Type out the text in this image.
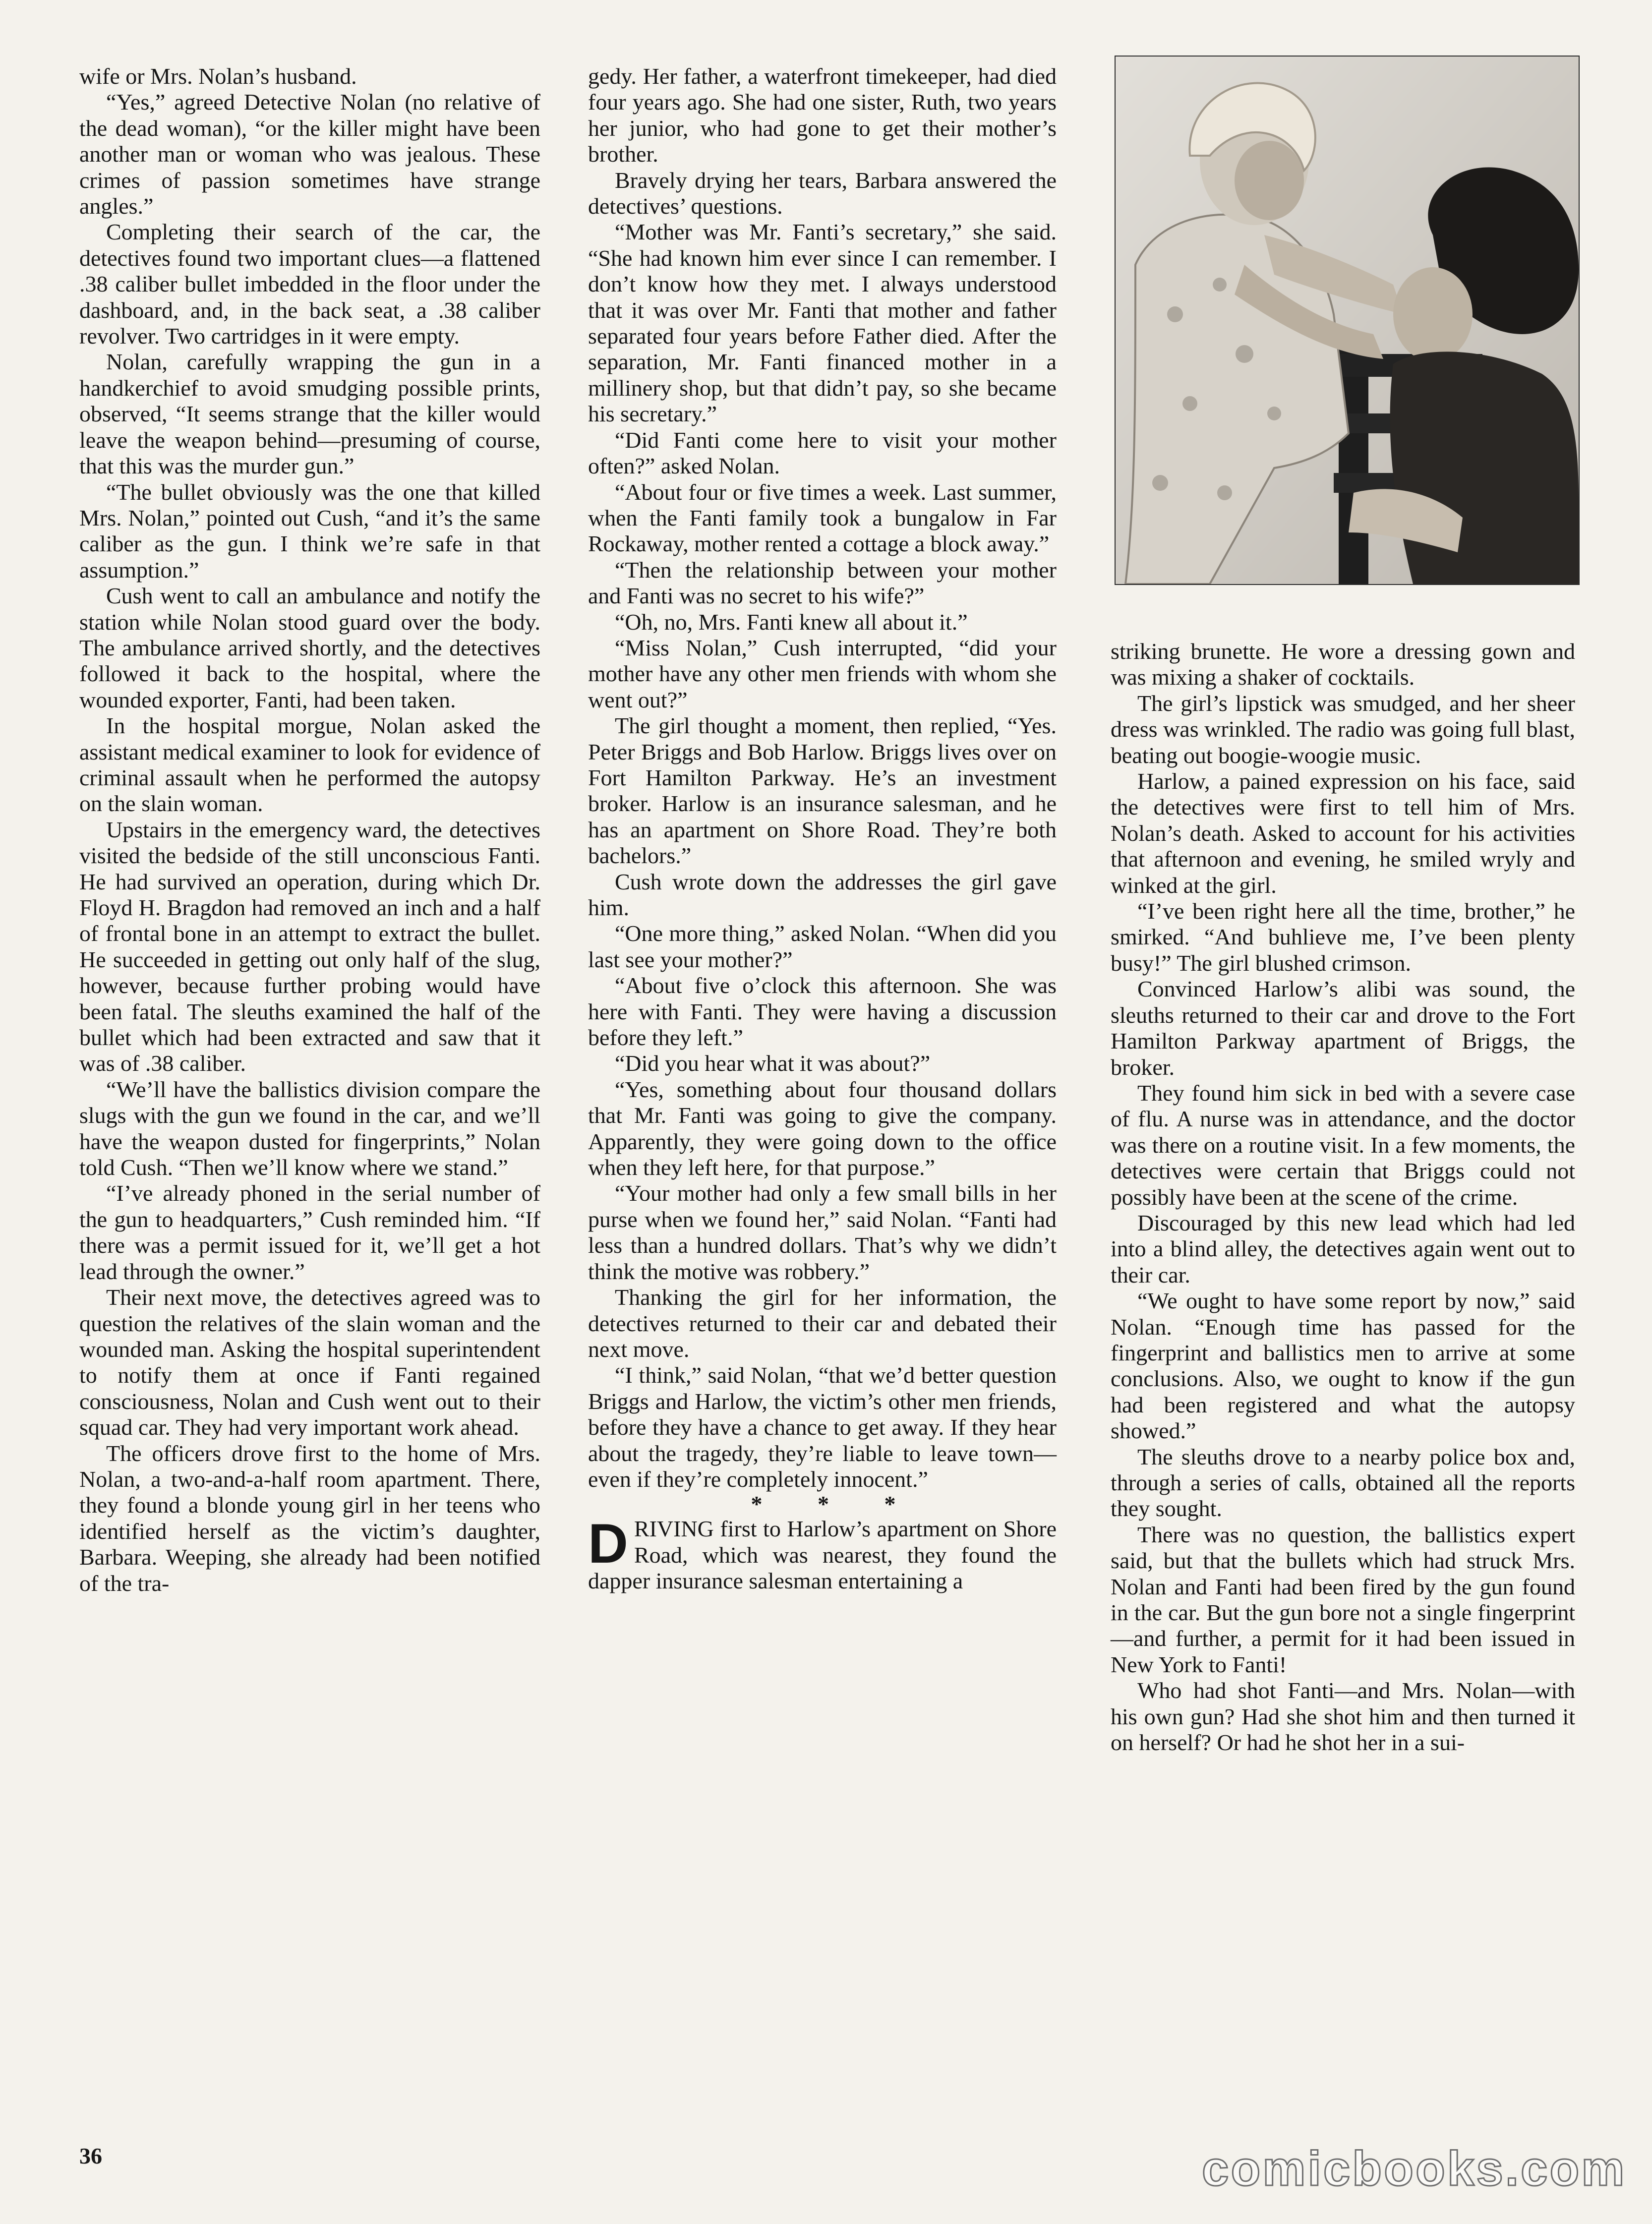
wife or Mrs. Nolan’s husband.

“Yes,” agreed Detective Nolan (no relative of the dead woman), “or the killer might have been another man or woman who was jealous. These crimes of passion sometimes have strange angles.”

Completing their search of the car, the detectives found two important clues—a flattened .38 caliber bullet imbedded in the floor under the dashboard, and, in the back seat, a .38 caliber revolver. Two cartridges in it were empty.

Nolan, carefully wrapping the gun in a handkerchief to avoid smudging possible prints, observed, “It seems strange that the killer would leave the weapon behind—presuming of course, that this was the murder gun.”

“The bullet obviously was the one that killed Mrs. Nolan,” pointed out Cush, “and it’s the same caliber as the gun. I think we’re safe in that assumption.”

Cush went to call an ambulance and notify the station while Nolan stood guard over the body. The ambulance arrived shortly, and the detectives followed it back to the hospital, where the wounded exporter, Fanti, had been taken.

In the hospital morgue, Nolan asked the assistant medical examiner to look for evidence of criminal assault when he performed the autopsy on the slain woman.

Upstairs in the emergency ward, the detectives visited the bedside of the still unconscious Fanti. He had survived an operation, during which Dr. Floyd H. Bragdon had removed an inch and a half of frontal bone in an attempt to extract the bullet. He succeeded in getting out only half of the slug, however, because further probing would have been fatal. The sleuths examined the half of the bullet which had been extracted and saw that it was of .38 caliber.

“We’ll have the ballistics division compare the slugs with the gun we found in the car, and we’ll have the weapon dusted for fingerprints,” Nolan told Cush. “Then we’ll know where we stand.”

“I’ve already phoned in the serial number of the gun to headquarters,” Cush reminded him. “If there was a permit issued for it, we’ll get a hot lead through the owner.”

Their next move, the detectives agreed was to question the relatives of the slain woman and the wounded man. Asking the hospital superintendent to notify them at once if Fanti regained consciousness, Nolan and Cush went out to their squad car. They had very important work ahead.

The officers drove first to the home of Mrs. Nolan, a two-and-a-half room apartment. There, they found a blonde young girl in her teens who identified herself as the victim’s daughter, Barbara. Weeping, she already had been notified of the tra-

gedy. Her father, a waterfront timekeeper, had died four years ago. She had one sister, Ruth, two years her junior, who had gone to get their mother’s brother.

Bravely drying her tears, Barbara answered the detectives’ questions.

“Mother was Mr. Fanti’s secretary,” she said. “She had known him ever since I can remember. I don’t know how they met. I always understood that it was over Mr. Fanti that mother and father separated four years before Father died. After the separation, Mr. Fanti financed mother in a millinery shop, but that didn’t pay, so she became his secretary.”

“Did Fanti come here to visit your mother often?” asked Nolan.

“About four or five times a week. Last summer, when the Fanti family took a bungalow in Far Rockaway, mother rented a cottage a block away.”

“Then the relationship between your mother and Fanti was no secret to his wife?”

“Oh, no, Mrs. Fanti knew all about it.”

“Miss Nolan,” Cush interrupted, “did your mother have any other men friends with whom she went out?”

The girl thought a moment, then replied, “Yes. Peter Briggs and Bob Harlow. Briggs lives over on Fort Hamilton Parkway. He’s an investment broker. Harlow is an insurance salesman, and he has an apartment on Shore Road. They’re both bachelors.”

Cush wrote down the addresses the girl gave him.

“One more thing,” asked Nolan. “When did you last see your mother?”

“About five o’clock this afternoon. She was here with Fanti. They were having a discussion before they left.”

“Did you hear what it was about?”

“Yes, something about four thousand dollars that Mr. Fanti was going to give the company. Apparently, they were going down to the office when they left here, for that purpose.”

“Your mother had only a few small bills in her purse when we found her,” said Nolan. “Fanti had less than a hundred dollars. That’s why we didn’t think the motive was robbery.”

Thanking the girl for her information, the detectives returned to their car and debated their next move.

“I think,” said Nolan, “that we’d better question Briggs and Harlow, the victim’s other men friends, before they have a chance to get away. If they hear about the tragedy, they’re liable to leave town—even if they’re completely innocent.”

* * *

DRIVING first to Harlow’s apartment on Shore Road, which was nearest, they found the dapper insurance salesman entertaining a

striking brunette. He wore a dressing gown and was mixing a shaker of cocktails.

The girl’s lipstick was smudged, and her sheer dress was wrinkled. The radio was going full blast, beating out boogie-woogie music.

Harlow, a pained expression on his face, said the detectives were first to tell him of Mrs. Nolan’s death. Asked to account for his activities that afternoon and evening, he smiled wryly and winked at the girl.

“I’ve been right here all the time, brother,” he smirked. “And buhlieve me, I’ve been plenty busy!” The girl blushed crimson.

Convinced Harlow’s alibi was sound, the sleuths returned to their car and drove to the Fort Hamilton Parkway apartment of Briggs, the broker.

They found him sick in bed with a severe case of flu. A nurse was in attendance, and the doctor was there on a routine visit. In a few moments, the detectives were certain that Briggs could not possibly have been at the scene of the crime.

Discouraged by this new lead which had led into a blind alley, the detectives again went out to their car.

“We ought to have some report by now,” said Nolan. “Enough time has passed for the fingerprint and ballistics men to arrive at some conclusions. Also, we ought to know if the gun had been registered and what the autopsy showed.”

The sleuths drove to a nearby police box and, through a series of calls, obtained all the reports they sought.

There was no question, the ballistics expert said, but that the bullets which had struck Mrs. Nolan and Fanti had been fired by the gun found in the car. But the gun bore not a single fingerprint—and further, a permit for it had been issued in New York to Fanti!

Who had shot Fanti—and Mrs. Nolan—with his own gun? Had she shot him and then turned it on herself? Or had he shot her in a sui-

36	comicbooks.com
